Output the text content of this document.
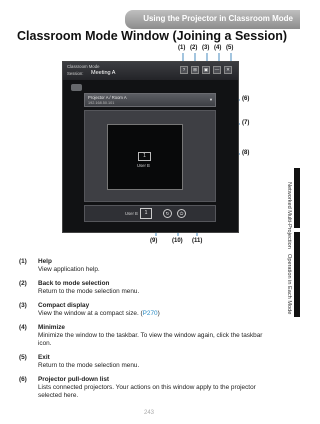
Using the Projector in Classroom Mode
Classroom Mode Window (Joining a Session)
Networked Multi-Projection
Operation in Each Mode
(1) (2) (3) (4) (5)
(6)
(7)
(8)
(9) (10) (11)
Classroom Mode
Session: Meeting A
?	⊞	▣	—	✕
Projector A / Room A
192.168.50.101
▼
1
User B
User B	1	↻	⏻
(1) Help
View application help.
(2) Back to mode selection
Return to the mode selection menu.
(3) Compact display
View the window at a compact size. (P270)
(4) Minimize
Minimize the window to the taskbar. To view the window again, click the taskbar icon.
(5) Exit
Return to the mode selection menu.
(6) Projector pull-down list
Lists connected projectors. Your actions on this window apply to the projector selected here.
243
